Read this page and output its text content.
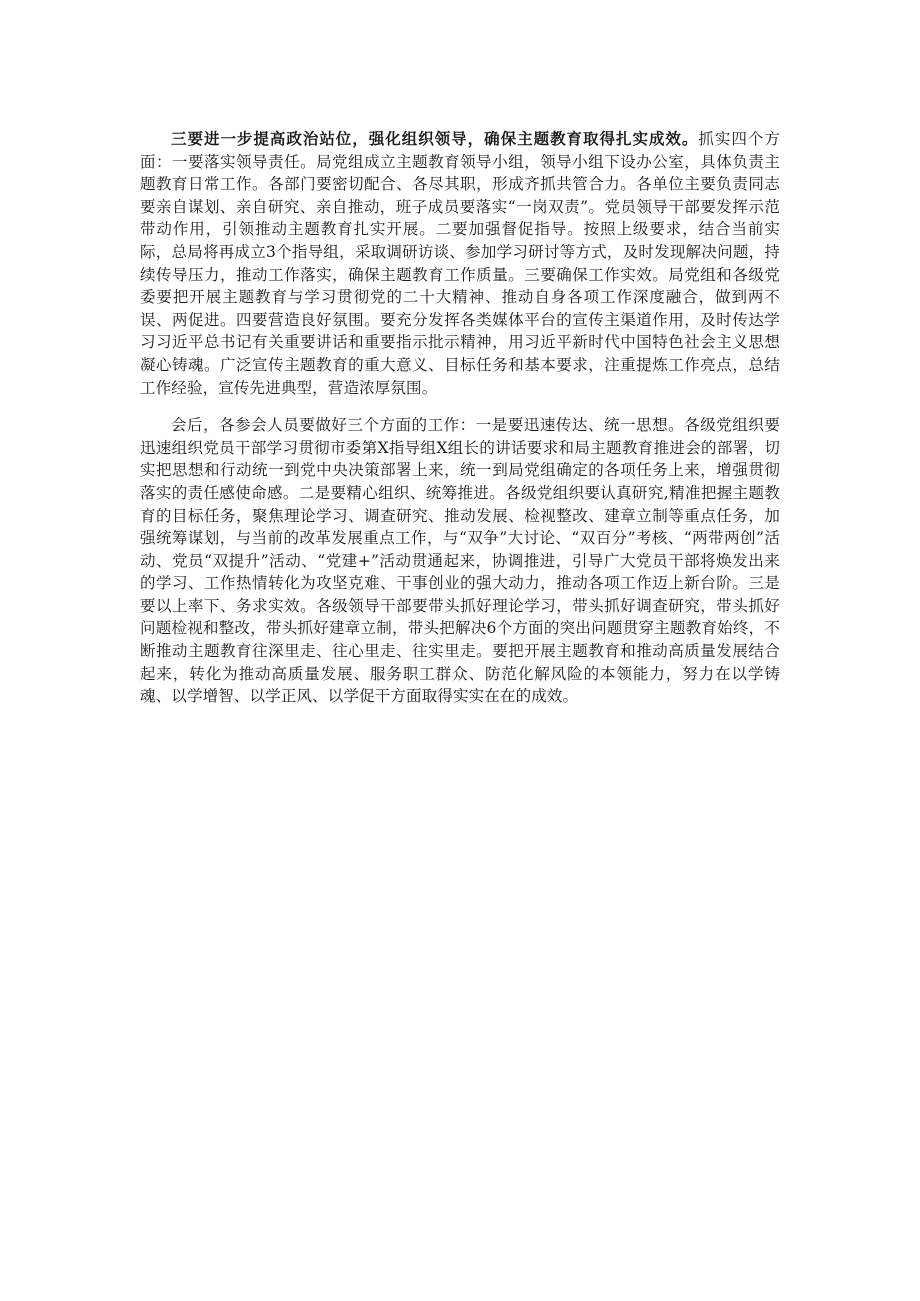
三要进一步提高政治站位，强化组织领导，确保主题教育取得扎实成效。抓实四个方面：一要落实领导责任。局党组成立主题教育领导小组，领导小组下设办公室，具体负责主题教育日常工作。各部门要密切配合、各尽其职，形成齐抓共管合力。各单位主要负责同志要亲自谋划、亲自研究、亲自推动，班子成员要落实“一岗双责”。党员领导干部要发挥示范带动作用，引领推动主题教育扎实开展。二要加强督促指导。按照上级要求，结合当前实际，总局将再成立3个指导组，采取调研访谈、参加学习研讨等方式，及时发现解决问题，持续传导压力，推动工作落实，确保主题教育工作质量。三要确保工作实效。局党组和各级党委要把开展主题教育与学习贯彻党的二十大精神、推动自身各项工作深度融合，做到两不误、两促进。四要营造良好氛围。要充分发挥各类媒体平台的宣传主渠道作用，及时传达学习习近平总书记有关重要讲话和重要指示批示精神，用习近平新时代中国特色社会主义思想凝心铸魂。广泛宣传主题教育的重大意义、目标任务和基本要求，注重提炼工作亮点，总结工作经验，宣传先进典型，营造浓厚氛围。

会后，各参会人员要做好三个方面的工作：一是要迅速传达、统一思想。各级党组织要迅速组织党员干部学习贯彻市委第X指导组X组长的讲话要求和局主题教育推进会的部署，切实把思想和行动统一到党中央决策部署上来，统一到局党组确定的各项任务上来，增强贯彻落实的责任感使命感。二是要精心组织、统筹推进。各级党组织要认真研究,精准把握主题教育的目标任务，聚焦理论学习、调查研究、推动发展、检视整改、建章立制等重点任务，加强统筹谋划，与当前的改革发展重点工作，与“双争”大讨论、“双百分”考核、“两带两创”活动、党员“双提升”活动、“党建+”活动贯通起来，协调推进，引导广大党员干部将焕发出来的学习、工作热情转化为攻坚克难、干事创业的强大动力，推动各项工作迈上新台阶。三是要以上率下、务求实效。各级领导干部要带头抓好理论学习，带头抓好调查研究，带头抓好问题检视和整改，带头抓好建章立制，带头把解决6个方面的突出问题贯穿主题教育始终，不断推动主题教育往深里走、往心里走、往实里走。要把开展主题教育和推动高质量发展结合起来，转化为推动高质量发展、服务职工群众、防范化解风险的本领能力，努力在以学铸魂、以学增智、以学正风、以学促干方面取得实实在在的成效。
